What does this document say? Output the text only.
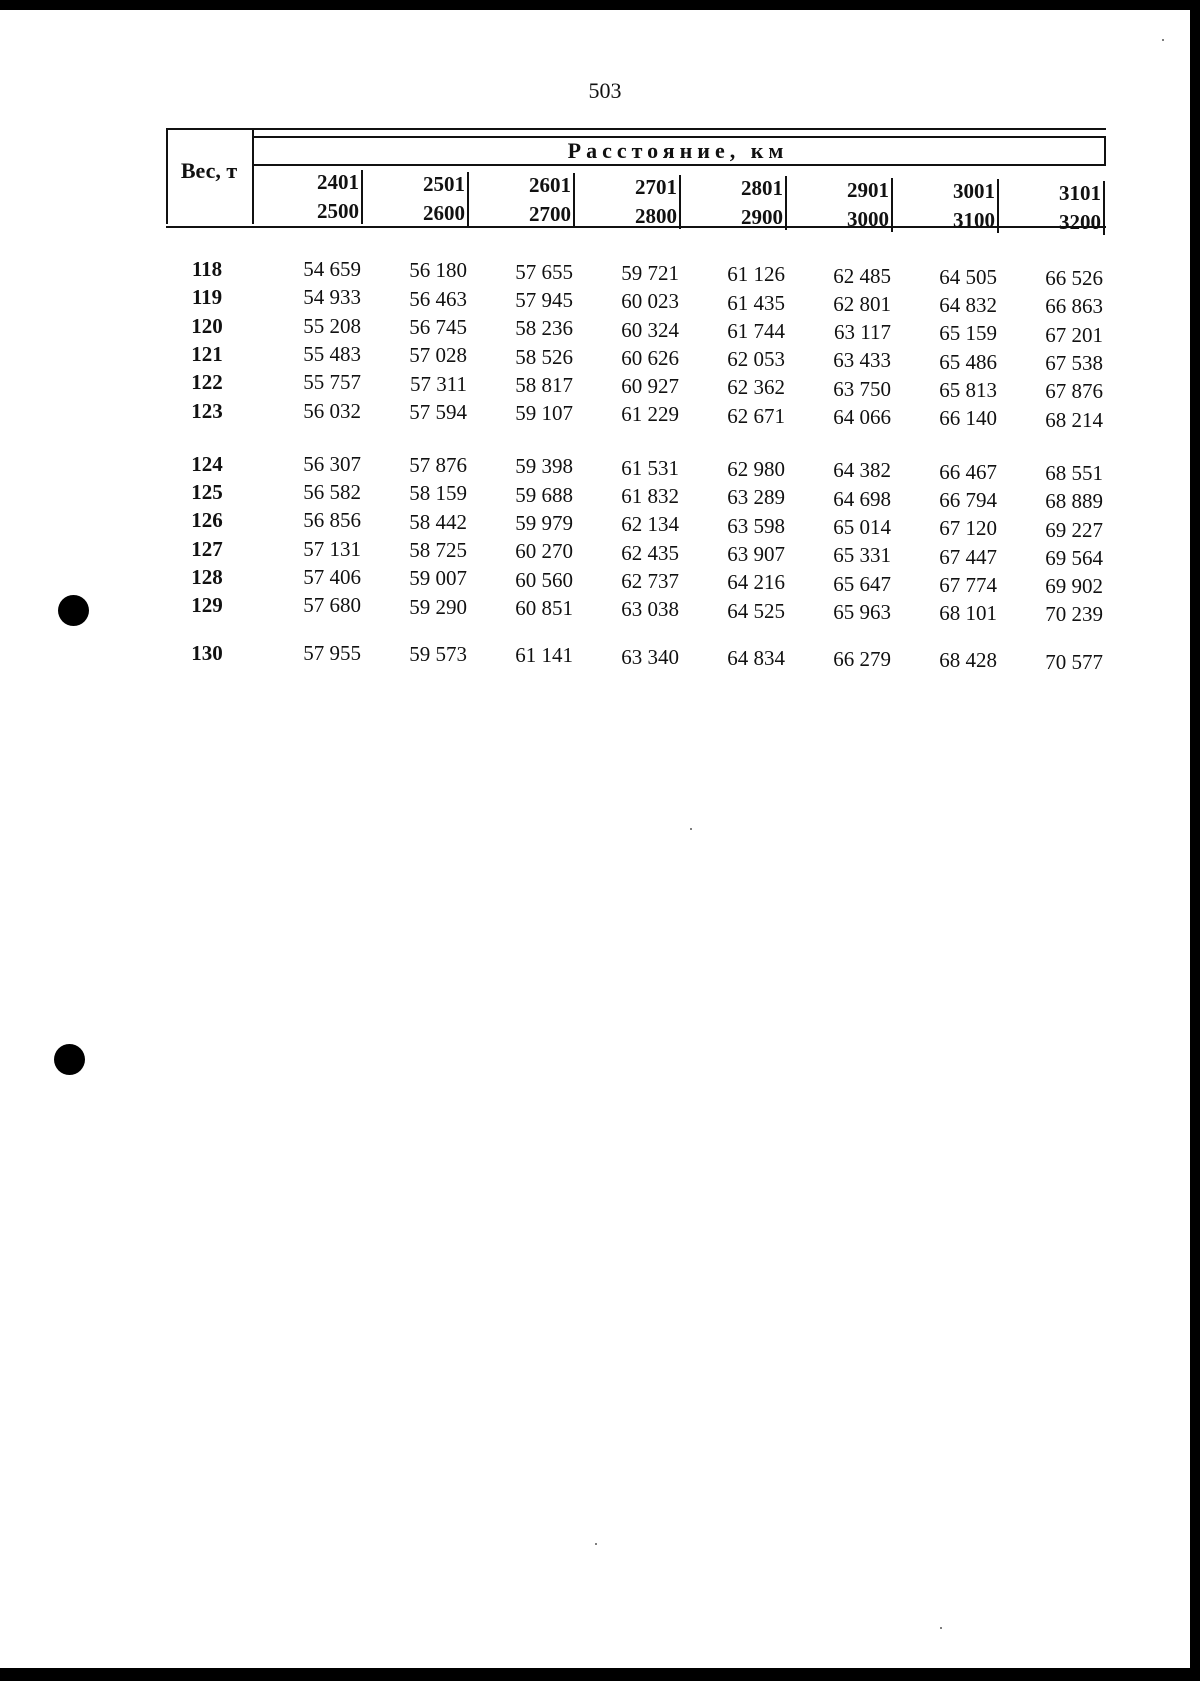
503
Вес, т
Расстояние, км
2401
2500
2501
2600
2601
2700
2701
2800
2801
2900
2901
3000
3001
3100
3101
3200
118	54 659	56 180	57 655	59 721	61 126	62 485	64 505	66 526
119	54 933	56 463	57 945	60 023	61 435	62 801	64 832	66 863
120	55 208	56 745	58 236	60 324	61 744	63 117	65 159	67 201
121	55 483	57 028	58 526	60 626	62 053	63 433	65 486	67 538
122	55 757	57 311	58 817	60 927	62 362	63 750	65 813	67 876
123	56 032	57 594	59 107	61 229	62 671	64 066	66 140	68 214
124	56 307	57 876	59 398	61 531	62 980	64 382	66 467	68 551
125	56 582	58 159	59 688	61 832	63 289	64 698	66 794	68 889
126	56 856	58 442	59 979	62 134	63 598	65 014	67 120	69 227
127	57 131	58 725	60 270	62 435	63 907	65 331	67 447	69 564
128	57 406	59 007	60 560	62 737	64 216	65 647	67 774	69 902
129	57 680	59 290	60 851	63 038	64 525	65 963	68 101	70 239
130	57 955	59 573	61 141	63 340	64 834	66 279	68 428	70 577
